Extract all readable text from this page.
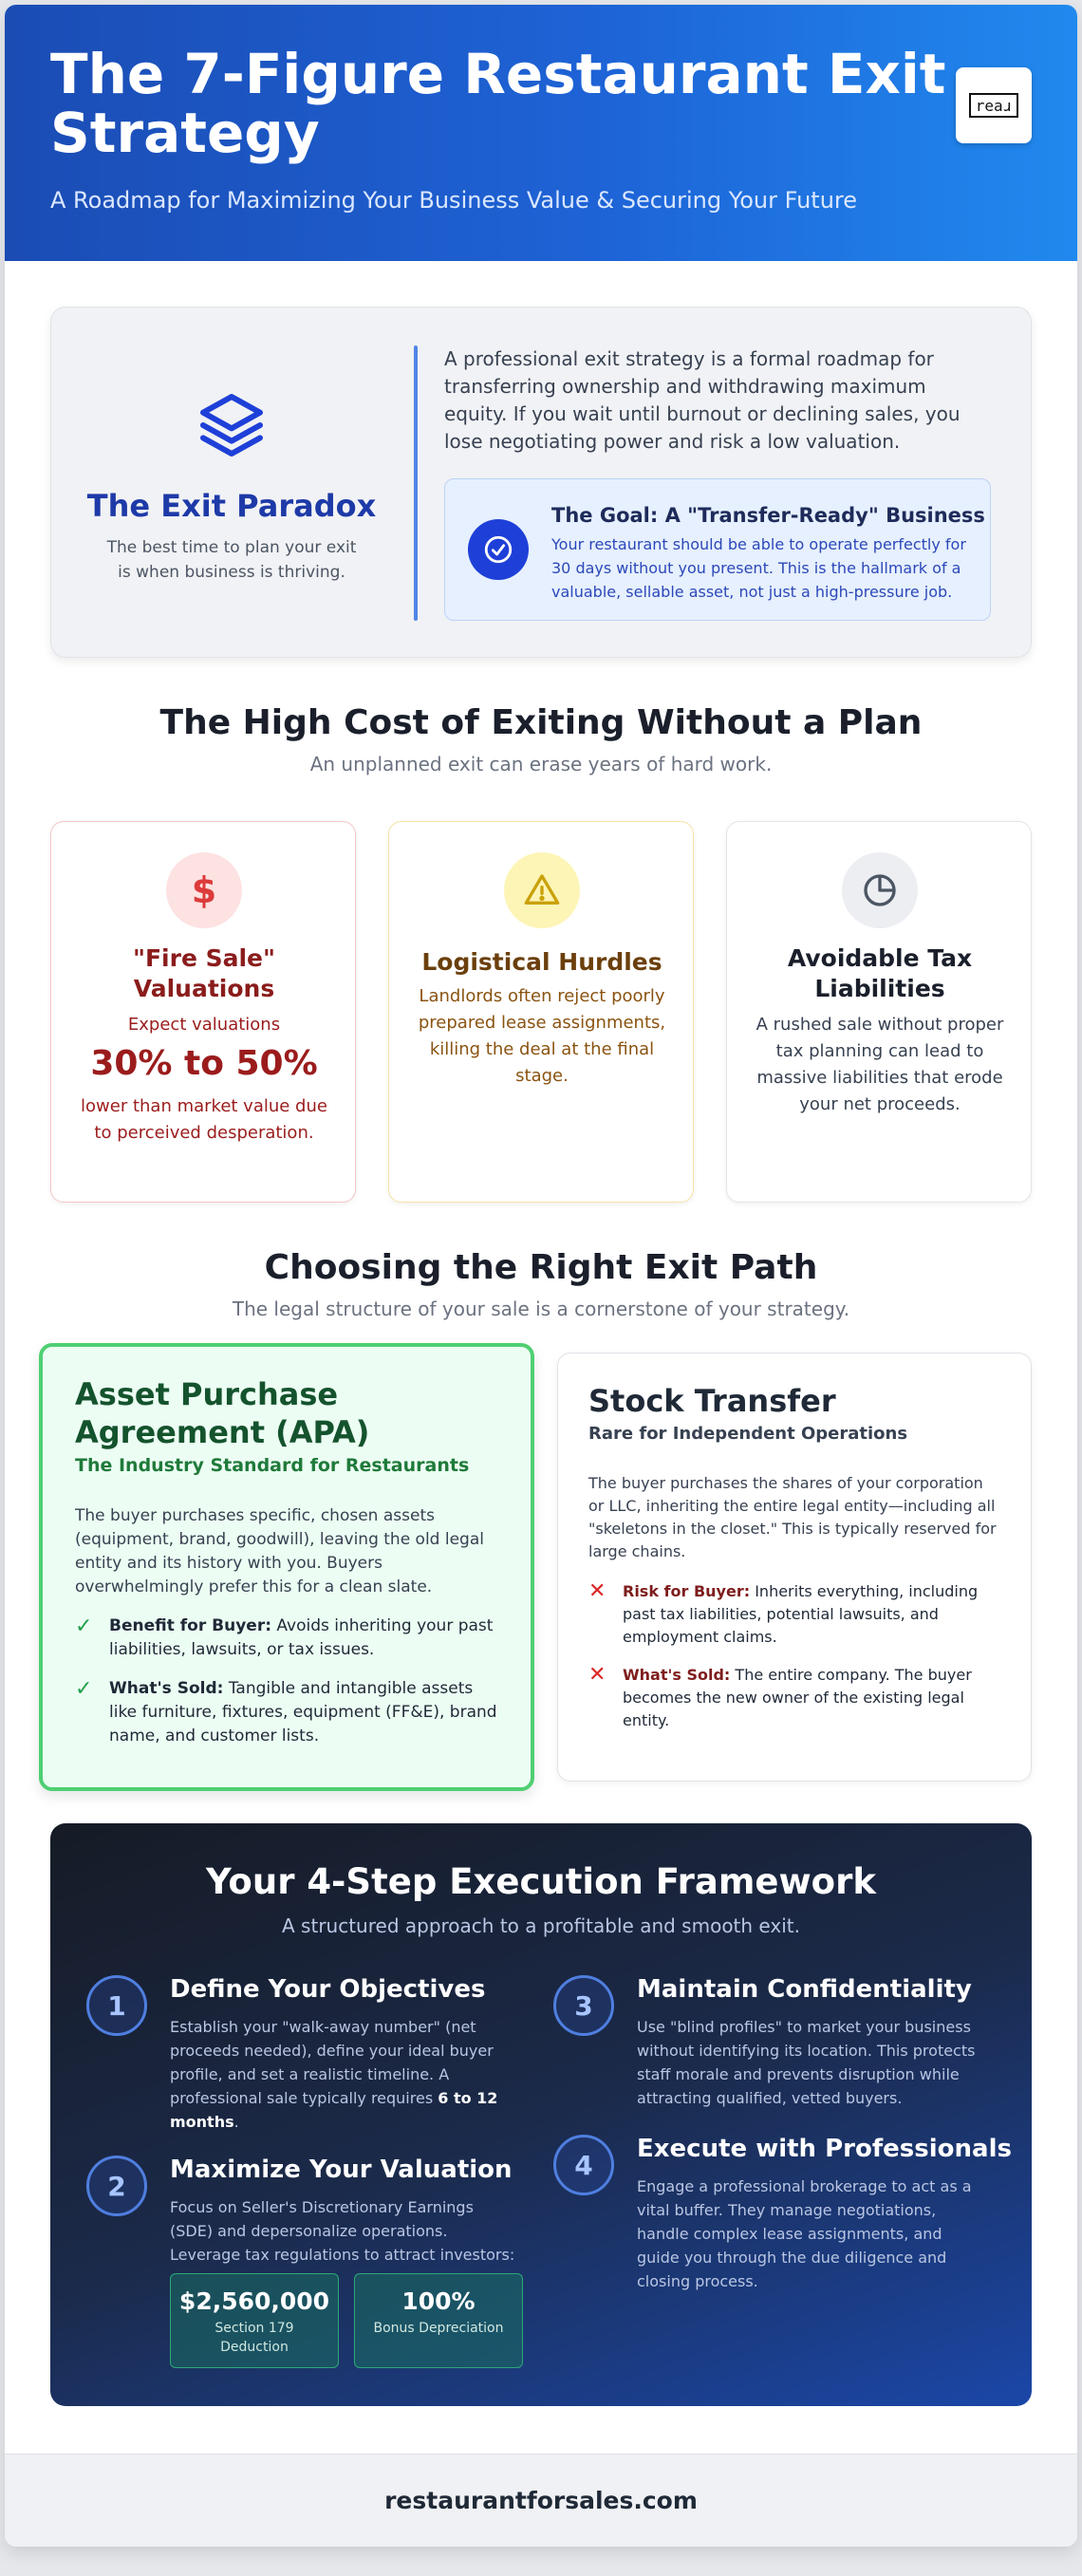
The 7-Figure Restaurant Exit Strategy
A Roadmap for Maximizing Your Business Value & Securing Your Future
reaɹ
The Exit Paradox
The best time to plan your exit is when business is thriving.
A professional exit strategy is a formal roadmap for transferring ownership and withdrawing maximum equity. If you wait until burnout or declining sales, you lose negotiating power and risk a low valuation.
The Goal: A "Transfer-Ready" Business
Your restaurant should be able to operate perfectly for 30 days without you present. This is the hallmark of a valuable, sellable asset, not just a high-pressure job.
The High Cost of Exiting Without a Plan
An unplanned exit can erase years of hard work.
$
"Fire Sale" Valuations
Expect valuations
30% to 50%
lower than market value due to perceived desperation.
Logistical Hurdles
Landlords often reject poorly prepared lease assignments, killing the deal at the final stage.
Avoidable Tax Liabilities
A rushed sale without proper tax planning can lead to massive liabilities that erode your net proceeds.
Choosing the Right Exit Path
The legal structure of your sale is a cornerstone of your strategy.
Asset Purchase Agreement (APA)
The Industry Standard for Restaurants
The buyer purchases specific, chosen assets (equipment, brand, goodwill), leaving the old legal entity and its history with you. Buyers overwhelmingly prefer this for a clean slate.
✓	Benefit for Buyer: Avoids inheriting your past liabilities, lawsuits, or tax issues.
✓	What's Sold: Tangible and intangible assets like furniture, fixtures, equipment (FF&E), brand name, and customer lists.
Stock Transfer
Rare for Independent Operations
The buyer purchases the shares of your corporation or LLC, inheriting the entire legal entity—including all "skeletons in the closet." This is typically reserved for large chains.
✕	Risk for Buyer: Inherits everything, including past tax liabilities, potential lawsuits, and employment claims.
✕	What's Sold: The entire company. The buyer becomes the new owner of the existing legal entity.
Your 4-Step Execution Framework
A structured approach to a profitable and smooth exit.
1
Define Your Objectives
Establish your "walk-away number" (net proceeds needed), define your ideal buyer profile, and set a realistic timeline. A professional sale typically requires 6 to 12 months.
2
Maximize Your Valuation
Focus on Seller's Discretionary Earnings (SDE) and depersonalize operations. Leverage tax regulations to attract investors:
$2,560,000
Section 179 Deduction
100%
Bonus Depreciation
3
Maintain Confidentiality
Use "blind profiles" to market your business without identifying its location. This protects staff morale and prevents disruption while attracting qualified, vetted buyers.
4
Execute with Professionals
Engage a professional brokerage to act as a vital buffer. They manage negotiations, handle complex lease assignments, and guide you through the due diligence and closing process.
restaurantforsales.com
